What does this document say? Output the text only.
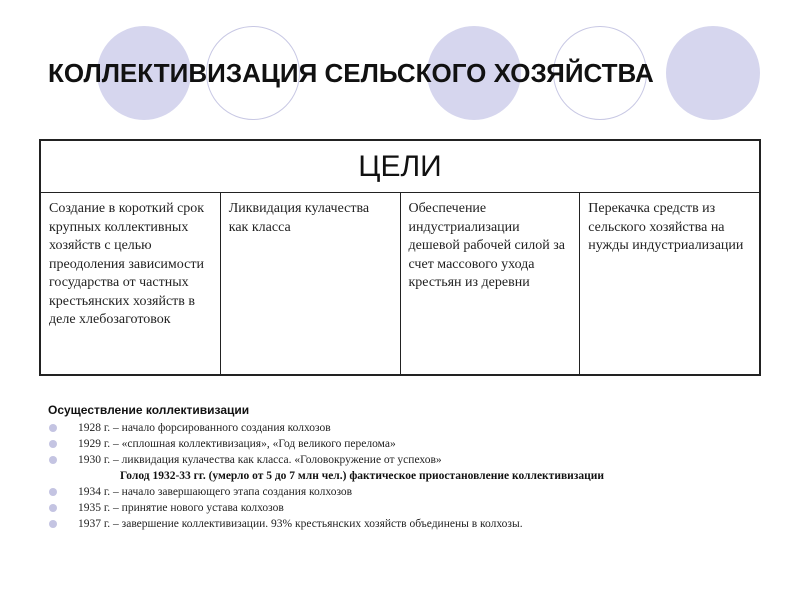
КОЛЛЕКТИВИЗАЦИЯ СЕЛЬСКОГО ХОЗЯЙСТВА
ЦЕЛИ
Создание в короткий срок крупных коллективных хозяйств с целью преодоления зависимости государства от частных крестьянских хозяйств в деле хлебозаготовок
Ликвидация кулачества как класса
Обеспечение индустриализации дешевой рабочей силой за счет массового ухода крестьян из деревни
Перекачка средств из сельского хозяйства на нужды индустриализации
Осуществление коллективизации
1928 г. – начало форсированного создания колхозов
1929 г. – «сплошная коллективизация», «Год великого перелома»
1930 г. – ликвидация кулачества как класса. «Головокружение от успехов»
Голод 1932-33 гг. (умерло от 5 до 7 млн чел.) фактическое приостановление коллективизации
1934 г. – начало завершающего этапа создания колхозов
1935 г. – принятие нового устава колхозов
1937 г. – завершение коллективизации. 93% крестьянских хозяйств объединены в колхозы.
